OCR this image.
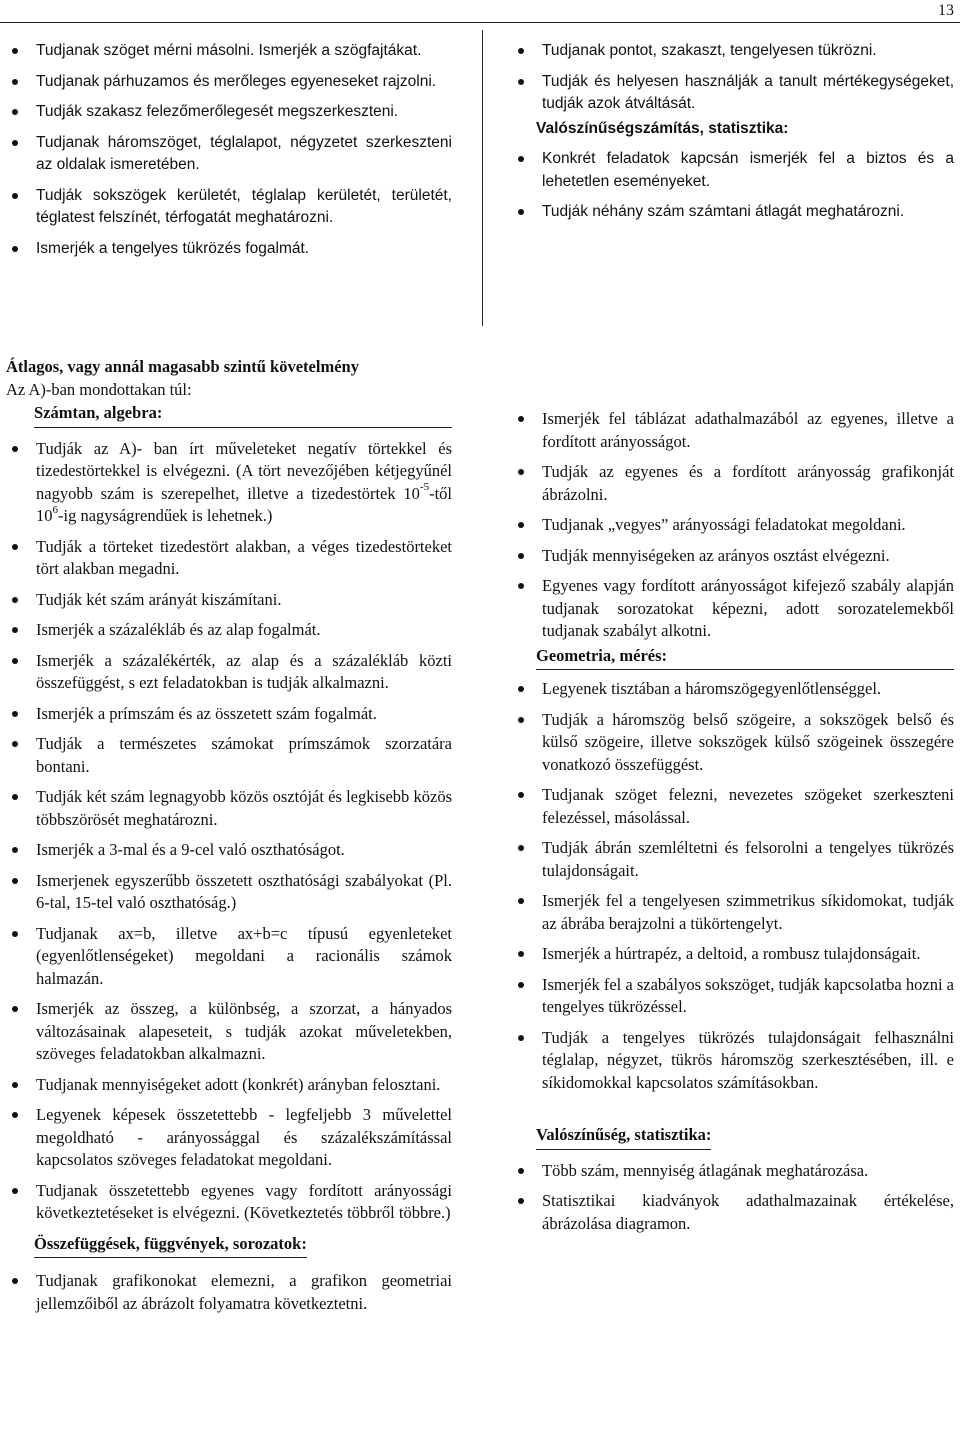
13
Tudjanak szöget mérni másolni. Ismerjék a szögfajtákat.
Tudjanak párhuzamos és merőleges egyeneseket rajzolni.
Tudják szakasz felezőmerőlegesét megszerkeszteni.
Tudjanak háromszöget, téglalapot, négyzetet szerkeszteni az oldalak ismeretében.
Tudják sokszögek kerületét, téglalap kerületét, területét, téglatest felszínét, térfogatát meghatározni.
Ismerjék a tengelyes tükrözés fogalmát.
Tudjanak pontot, szakaszt, tengelyesen tükrözni.
Tudják és helyesen használják a tanult mértékegységeket, tudják azok átváltását.
Valószínűségszámítás, statisztika:
Konkrét feladatok kapcsán ismerjék fel a biztos és a lehetetlen eseményeket.
Tudják néhány szám számtani átlagát meghatározni.
Átlagos, vagy annál magasabb szintű követelmény
Az A)-ban mondottakan túl:
Számtan, algebra:
Tudják az A)- ban írt műveleteket negatív törtekkel és tizedestörtekkel is elvégezni. (A tört nevezőjében kétjegyűnél nagyobb szám is szerepelhet, illetve a tizedestörtek $10^{-5}$-től $10^6-ig$ nagyságrendűek is lehetnek.)
Tudják a törteket tizedestört alakban, a véges tizedestörteket tört alakban megadni.
Tudják két szám arányát kiszámítani.
Ismerjék a százalékláb és az alap fogalmát.
Ismerjék a százalékérték, az alap és a százalékláb közti összefüggést, s ezt feladatokban is tudják alkalmazni.
Ismerjék a prímszám és az összetett szám fogalmát.
Tudják a természetes számokat prímszámok szorzatára bontani.
Tudják két szám legnagyobb közös osztóját és legkisebb közös többszörösét meghatározni.
Ismerjék a 3-mal és a 9-cel való oszthatóságot.
Ismerjenek egyszerűbb összetett oszthatósági szabályokat (Pl. 6-tal, 15-tel való oszthatóság.)
Tudjanak ax=b, illetve ax+b=c típusú egyenleteket (egyenlőtlenségeket) megoldani a racionális számok halmazán.
Ismerjék az összeg, a különbség, a szorzat, a hányados változásainak alapeseteit, s tudják azokat műveletekben, szöveges feladatokban alkalmazni.
Tudjanak mennyiségeket adott (konkrét) arányban felosztani.
Legyenek képesek összetettebb - legfeljebb 3 művelettel megoldható - arányossággal és százalékszámítással kapcsolatos szöveges feladatokat megoldani.
Tudjanak összetettebb egyenes vagy fordított arányossági következtetéseket is elvégezni. (Következtetés többről többre.)
Összefüggések, függvények, sorozatok:
Tudjanak grafikonokat elemezni, a grafikon geometriai jellemzőiből az ábrázolt folyamatra következtetni.
Ismerjék fel táblázat adathalmazából az egyenes, illetve a fordított arányosságot.
Tudják az egyenes és a fordított arányosság grafikonját ábrázolni.
Tudjanak „vegyes” arányossági feladatokat megoldani.
Tudják mennyiségeken az arányos osztást elvégezni.
Egyenes vagy fordított arányosságot kifejező szabály alapján tudjanak sorozatokat képezni, adott sorozatelemekből tudjanak szabályt alkotni.
Geometria, mérés:
Legyenek tisztában a háromszögegyenlőtlenséggel.
Tudják a háromszög belső szögeire, a sokszögek belső és külső szögeire, illetve sokszögek külső szögeinek összegére vonatkozó összefüggést.
Tudjanak szöget felezni, nevezetes szögeket szerkeszteni felezéssel, másolással.
Tudják ábrán szemléltetni és felsorolni a tengelyes tükrözés tulajdonságait.
Ismerjék fel a tengelyesen szimmetrikus síkidomokat, tudják az ábrába berajzolni a tükörtengelyt.
Ismerjék a húrtrapéz, a deltoid, a rombusz tulajdonságait.
Ismerjék fel a szabályos sokszöget, tudják kapcsolatba hozni a tengelyes tükrözéssel.
Tudják a tengelyes tükrözés tulajdonságait felhasználni téglalap, négyzet, tükrös háromszög szerkesztésében, ill. e síkidomokkal kapcsolatos számításokban.
Valószínűség, statisztika:
Több szám, mennyiség átlagának meghatározása.
Statisztikai kiadványok adathalmazainak értékelése, ábrázolása diagramon.
